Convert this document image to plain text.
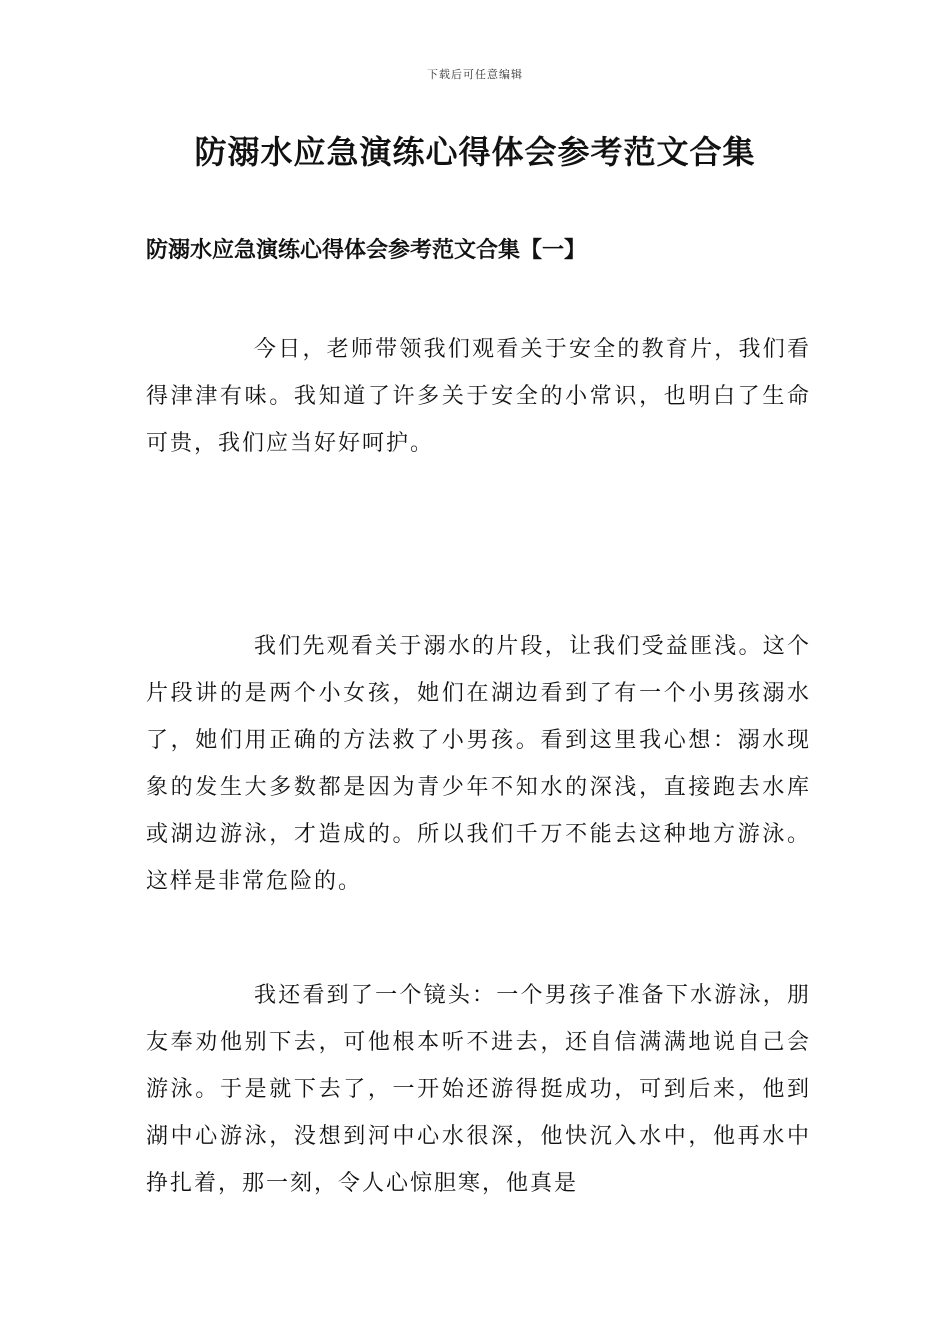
下载后可任意编辑
防溺水应急演练心得体会参考范文合集
防溺水应急演练心得体会参考范文合集【一】

今日，老师带领我们观看关于安全的教育片，我们看得津津有味。我知道了许多关于安全的小常识，也明白了生命可贵，我们应当好好呵护。

我们先观看关于溺水的片段，让我们受益匪浅。这个片段讲的是两个小女孩，她们在湖边看到了有一个小男孩溺水了，她们用正确的方法救了小男孩。看到这里我心想：溺水现象的发生大多数都是因为青少年不知水的深浅，直接跑去水库或湖边游泳，才造成的。所以我们千万不能去这种地方游泳。这样是非常危险的。

我还看到了一个镜头：一个男孩子准备下水游泳，朋友奉劝他别下去，可他根本听不进去，还自信满满地说自己会游泳。于是就下去了，一开始还游得挺成功，可到后来，他到湖中心游泳，没想到河中心水很深，他快沉入水中，他再水中挣扎着，那一刻，令人心惊胆寒，他真是
